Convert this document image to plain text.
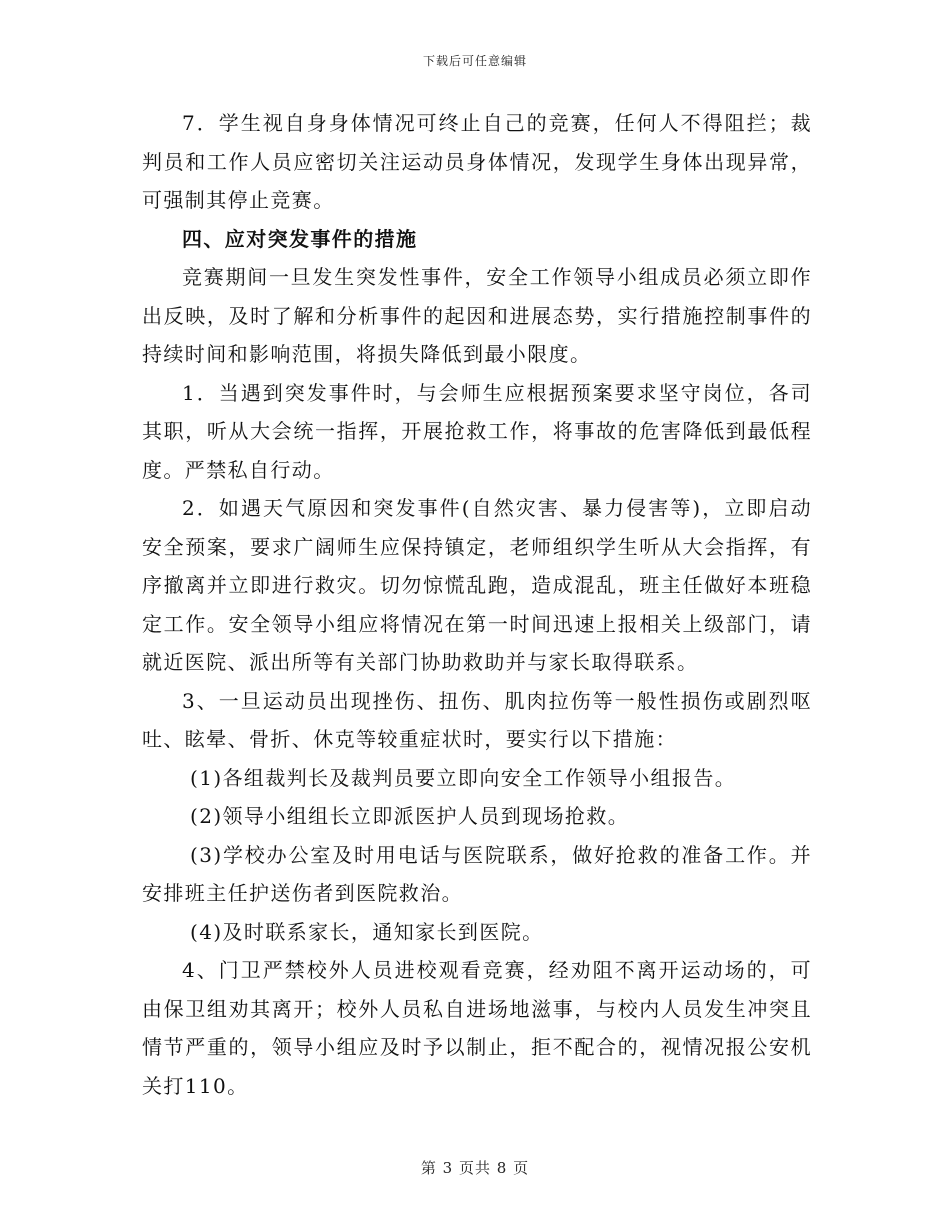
下载后可任意编辑

7．学生视自身身体情况可终止自己的竞赛，任何人不得阻拦；裁判员和工作人员应密切关注运动员身体情况，发现学生身体出现异常，可强制其停止竞赛。

四、应对突发事件的措施

竞赛期间一旦发生突发性事件，安全工作领导小组成员必须立即作出反映，及时了解和分析事件的起因和进展态势，实行措施控制事件的持续时间和影响范围，将损失降低到最小限度。

1．当遇到突发事件时，与会师生应根据预案要求坚守岗位，各司其职，听从大会统一指挥，开展抢救工作，将事故的危害降低到最低程度。严禁私自行动。

2．如遇天气原因和突发事件(自然灾害、暴力侵害等)，立即启动安全预案，要求广阔师生应保持镇定，老师组织学生听从大会指挥，有序撤离并立即进行救灾。切勿惊慌乱跑，造成混乱，班主任做好本班稳定工作。安全领导小组应将情况在第一时间迅速上报相关上级部门，请就近医院、派出所等有关部门协助救助并与家长取得联系。

3、一旦运动员出现挫伤、扭伤、肌肉拉伤等一般性损伤或剧烈呕吐、眩晕、骨折、休克等较重症状时，要实行以下措施：

(1)各组裁判长及裁判员要立即向安全工作领导小组报告。

(2)领导小组组长立即派医护人员到现场抢救。

(3)学校办公室及时用电话与医院联系，做好抢救的准备工作。并安排班主任护送伤者到医院救治。

(4)及时联系家长，通知家长到医院。

4、门卫严禁校外人员进校观看竞赛，经劝阻不离开运动场的，可由保卫组劝其离开；校外人员私自进场地滋事，与校内人员发生冲突且情节严重的，领导小组应及时予以制止，拒不配合的，视情况报公安机关打110。

第 3 页共 8 页
